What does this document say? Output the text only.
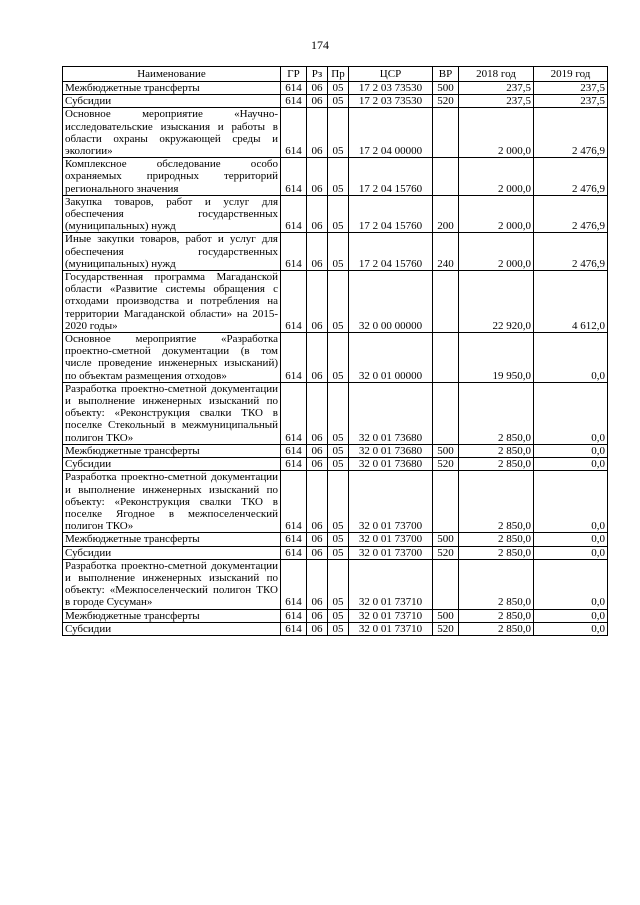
174
Наименование	ГР	Рз	Пр	ЦСР	ВР	2018 год	2019 год
Межбюджетные трансферты	614	06	05	17 2 03 73530	500	237,5	237,5
Субсидии	614	06	05	17 2 03 73530	520	237,5	237,5
Основное мероприятие «Научно-исследовательские изыскания и работы в области охраны окружающей среды и экологии»	614	06	05	17 2 04 00000		2 000,0	2 476,9
Комплексное обследование особо охраняемых природных территорий регионального значения	614	06	05	17 2 04 15760		2 000,0	2 476,9
Закупка товаров, работ и услуг для обеспечения государственных (муниципальных) нужд	614	06	05	17 2 04 15760	200	2 000,0	2 476,9
Иные закупки товаров, работ и услуг для обеспечения государственных (муниципальных) нужд	614	06	05	17 2 04 15760	240	2 000,0	2 476,9
Государственная программа Магаданской области «Развитие системы обращения с отходами производства и потребления на территории Магаданской области» на 2015-2020 годы»	614	06	05	32 0 00 00000		22 920,0	4 612,0
Основное мероприятие «Разработка проектно-сметной документации (в том числе проведение инженерных изысканий) по объектам размещения отходов»	614	06	05	32 0 01 00000		19 950,0	0,0
Разработка проектно-сметной документации и выполнение инженерных изысканий по объекту: «Реконструкция свалки ТКО в поселке Стекольный в межмуниципальный полигон ТКО»	614	06	05	32 0 01 73680		2 850,0	0,0
Межбюджетные трансферты	614	06	05	32 0 01 73680	500	2 850,0	0,0
Субсидии	614	06	05	32 0 01 73680	520	2 850,0	0,0
Разработка проектно-сметной документации и выполнение инженерных изысканий по объекту: «Реконструкция свалки ТКО в поселке Ягодное в межпоселенческий полигон ТКО»	614	06	05	32 0 01 73700		2 850,0	0,0
Межбюджетные трансферты	614	06	05	32 0 01 73700	500	2 850,0	0,0
Субсидии	614	06	05	32 0 01 73700	520	2 850,0	0,0
Разработка проектно-сметной документации и выполнение инженерных изысканий по объекту: «Межпоселенческий полигон ТКО в городе Сусуман»	614	06	05	32 0 01 73710		2 850,0	0,0
Межбюджетные трансферты	614	06	05	32 0 01 73710	500	2 850,0	0,0
Субсидии	614	06	05	32 0 01 73710	520	2 850,0	0,0
